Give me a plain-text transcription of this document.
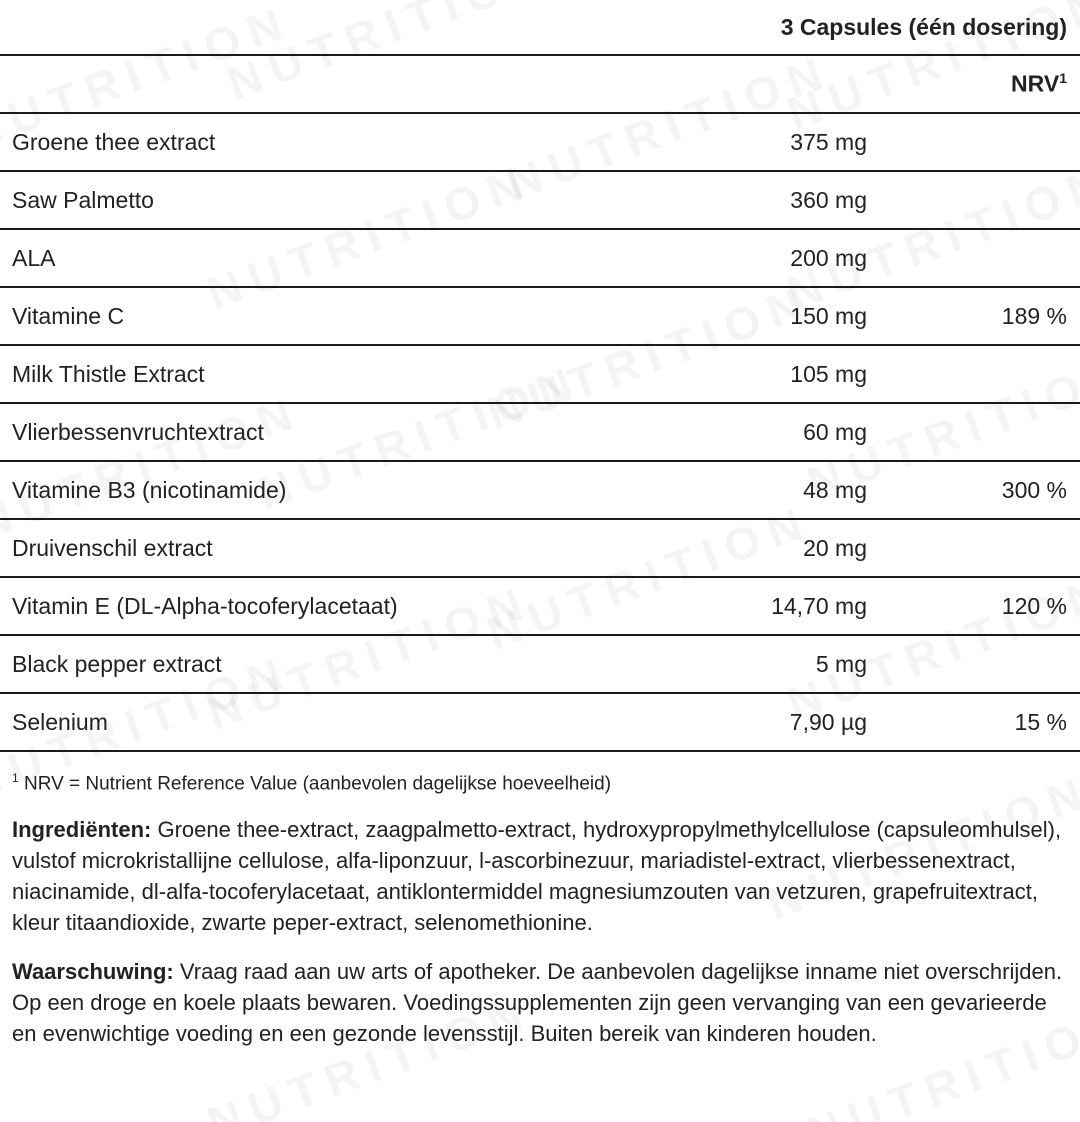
	3 Capsules (één dosering)	
		NRV$^1$
Groene thee extract	375 mg	
Saw Palmetto	360 mg	
ALA	200 mg	
Vitamine C	150 mg	189 %
Milk Thistle Extract	105 mg	
Vlierbessenvruchtextract	60 mg	
Vitamine B3 (nicotinamide)	48 mg	300 %
Druivenschil extract	20 mg	
Vitamin E (DL-Alpha-tocoferylacetaat)	14,70 mg	120 %
Black pepper extract	5 mg	
Selenium	7,90 µg	15 %
$^1$ NRV = Nutrient Reference Value (aanbevolen dagelijkse hoeveelheid)
Ingrediënten: Groene thee-extract, zaagpalmetto-extract, hydroxypropylmethylcellulose (capsuleomhulsel), vulstof microkristallijne cellulose, alfa-liponzuur, l-ascorbinezuur, mariadistel-extract, vlierbessenextract, niacinamide, dl-alfa-tocoferylacetaat, antiklontermiddel magnesiumzouten van vetzuren, grapefruitextract, kleur titaandioxide, zwarte peper-extract, selenomethionine.
Waarschuwing: Vraag raad aan uw arts of apotheker. De aanbevolen dagelijkse inname niet overschrijden. Op een droge en koele plaats bewaren. Voedingssupplementen zijn geen vervanging van een gevarieerde en evenwichtige voeding en een gezonde levensstijl. Buiten bereik van kinderen houden.
